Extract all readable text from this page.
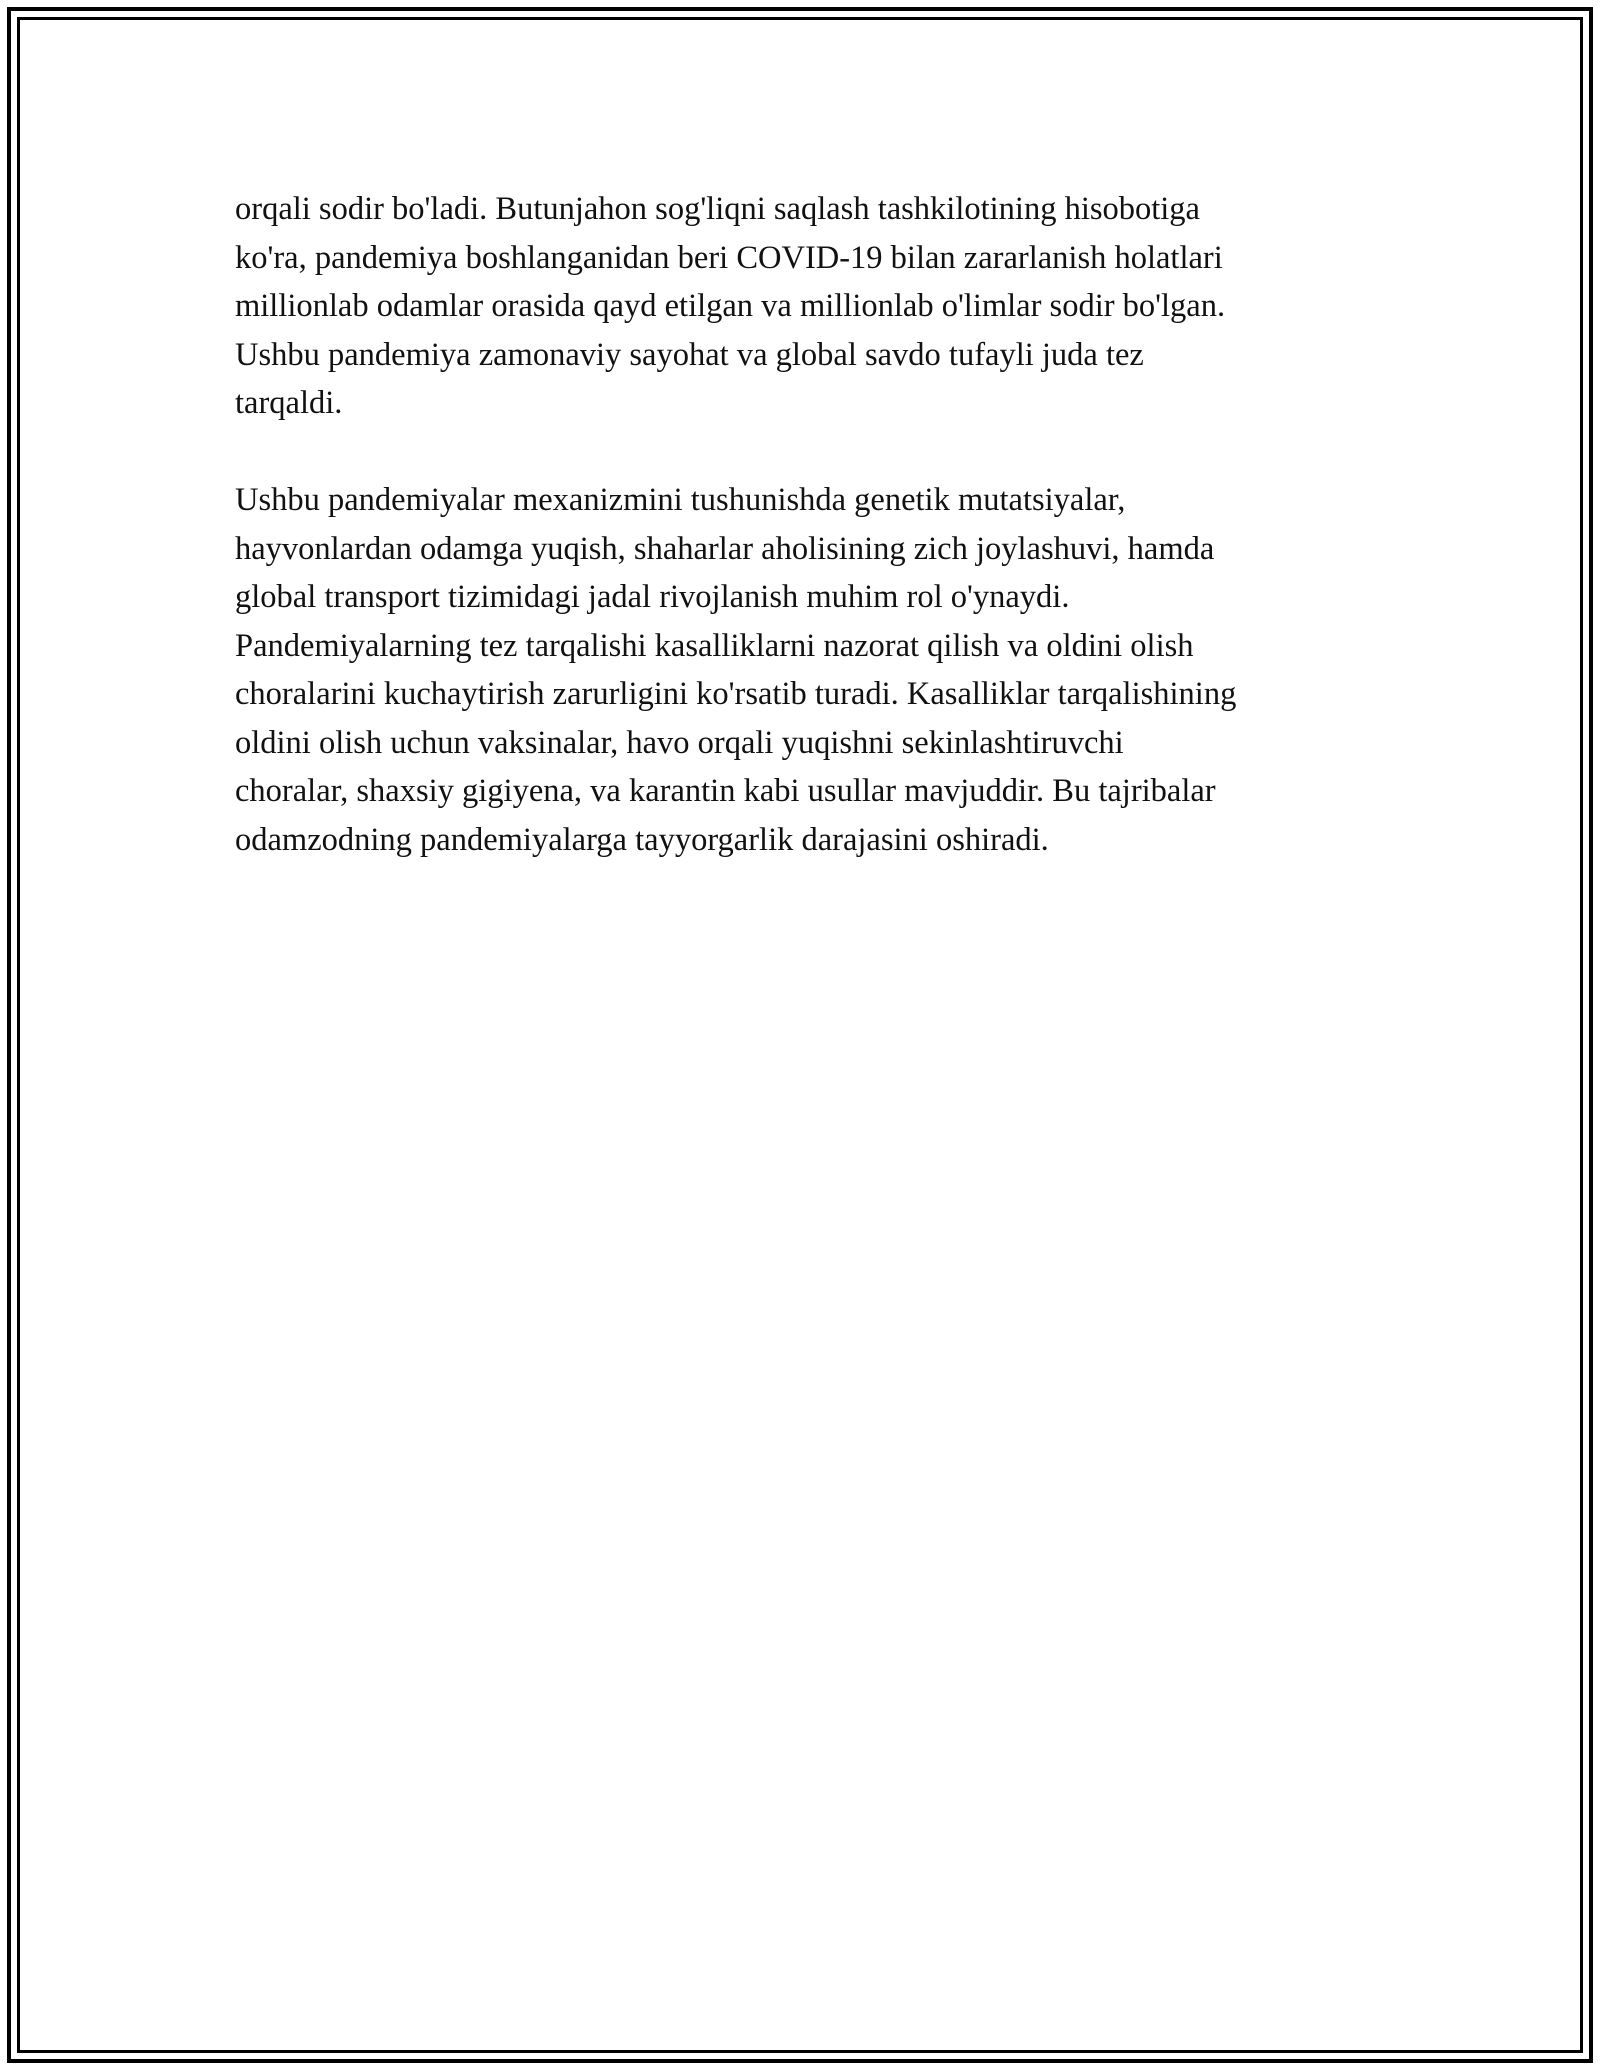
orqali sodir bo'ladi. Butunjahon sog'liqni saqlash tashkilotining hisobotiga
ko'ra, pandemiya boshlanganidan beri COVID-19 bilan zararlanish holatlari
millionlab odamlar orasida qayd etilgan va millionlab o'limlar sodir bo'lgan.
Ushbu pandemiya zamonaviy sayohat va global savdo tufayli juda tez
tarqaldi.

Ushbu pandemiyalar mexanizmini tushunishda genetik mutatsiyalar,
hayvonlardan odamga yuqish, shaharlar aholisining zich joylashuvi, hamda
global transport tizimidagi jadal rivojlanish muhim rol o'ynaydi.
Pandemiyalarning tez tarqalishi kasalliklarni nazorat qilish va oldini olish
choralarini kuchaytirish zarurligini ko'rsatib turadi. Kasalliklar tarqalishining
oldini olish uchun vaksinalar, havo orqali yuqishni sekinlashtiruvchi
choralar, shaxsiy gigiyena, va karantin kabi usullar mavjuddir. Bu tajribalar
odamzodning pandemiyalarga tayyorgarlik darajasini oshiradi.
